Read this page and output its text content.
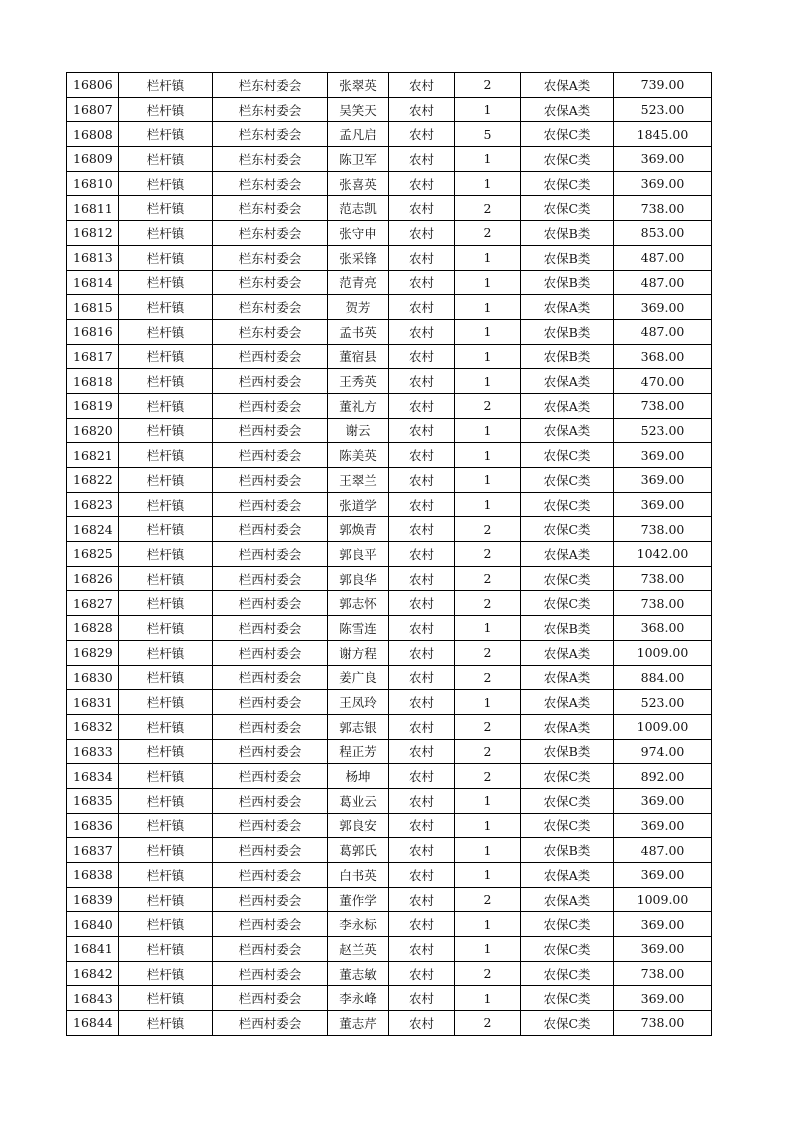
16806	栏杆镇	栏东村委会	张翠英	农村	2	农保A类	739.00
16807	栏杆镇	栏东村委会	吴笑天	农村	1	农保A类	523.00
16808	栏杆镇	栏东村委会	孟凡启	农村	5	农保C类	1845.00
16809	栏杆镇	栏东村委会	陈卫军	农村	1	农保C类	369.00
16810	栏杆镇	栏东村委会	张喜英	农村	1	农保C类	369.00
16811	栏杆镇	栏东村委会	范志凯	农村	2	农保C类	738.00
16812	栏杆镇	栏东村委会	张守申	农村	2	农保B类	853.00
16813	栏杆镇	栏东村委会	张采锋	农村	1	农保B类	487.00
16814	栏杆镇	栏东村委会	范青亮	农村	1	农保B类	487.00
16815	栏杆镇	栏东村委会	贺芳	农村	1	农保A类	369.00
16816	栏杆镇	栏东村委会	孟书英	农村	1	农保B类	487.00
16817	栏杆镇	栏西村委会	董宿县	农村	1	农保B类	368.00
16818	栏杆镇	栏西村委会	王秀英	农村	1	农保A类	470.00
16819	栏杆镇	栏西村委会	董礼方	农村	2	农保A类	738.00
16820	栏杆镇	栏西村委会	谢云	农村	1	农保A类	523.00
16821	栏杆镇	栏西村委会	陈美英	农村	1	农保C类	369.00
16822	栏杆镇	栏西村委会	王翠兰	农村	1	农保C类	369.00
16823	栏杆镇	栏西村委会	张道学	农村	1	农保C类	369.00
16824	栏杆镇	栏西村委会	郭焕青	农村	2	农保C类	738.00
16825	栏杆镇	栏西村委会	郭良平	农村	2	农保A类	1042.00
16826	栏杆镇	栏西村委会	郭良华	农村	2	农保C类	738.00
16827	栏杆镇	栏西村委会	郭志怀	农村	2	农保C类	738.00
16828	栏杆镇	栏西村委会	陈雪连	农村	1	农保B类	368.00
16829	栏杆镇	栏西村委会	谢方程	农村	2	农保A类	1009.00
16830	栏杆镇	栏西村委会	姜广良	农村	2	农保A类	884.00
16831	栏杆镇	栏西村委会	王凤玲	农村	1	农保A类	523.00
16832	栏杆镇	栏西村委会	郭志银	农村	2	农保A类	1009.00
16833	栏杆镇	栏西村委会	程正芳	农村	2	农保B类	974.00
16834	栏杆镇	栏西村委会	杨坤	农村	2	农保C类	892.00
16835	栏杆镇	栏西村委会	葛业云	农村	1	农保C类	369.00
16836	栏杆镇	栏西村委会	郭良安	农村	1	农保C类	369.00
16837	栏杆镇	栏西村委会	葛郭氏	农村	1	农保B类	487.00
16838	栏杆镇	栏西村委会	白书英	农村	1	农保A类	369.00
16839	栏杆镇	栏西村委会	董作学	农村	2	农保A类	1009.00
16840	栏杆镇	栏西村委会	李永标	农村	1	农保C类	369.00
16841	栏杆镇	栏西村委会	赵兰英	农村	1	农保C类	369.00
16842	栏杆镇	栏西村委会	董志敏	农村	2	农保C类	738.00
16843	栏杆镇	栏西村委会	李永峰	农村	1	农保C类	369.00
16844	栏杆镇	栏西村委会	董志芹	农村	2	农保C类	738.00
